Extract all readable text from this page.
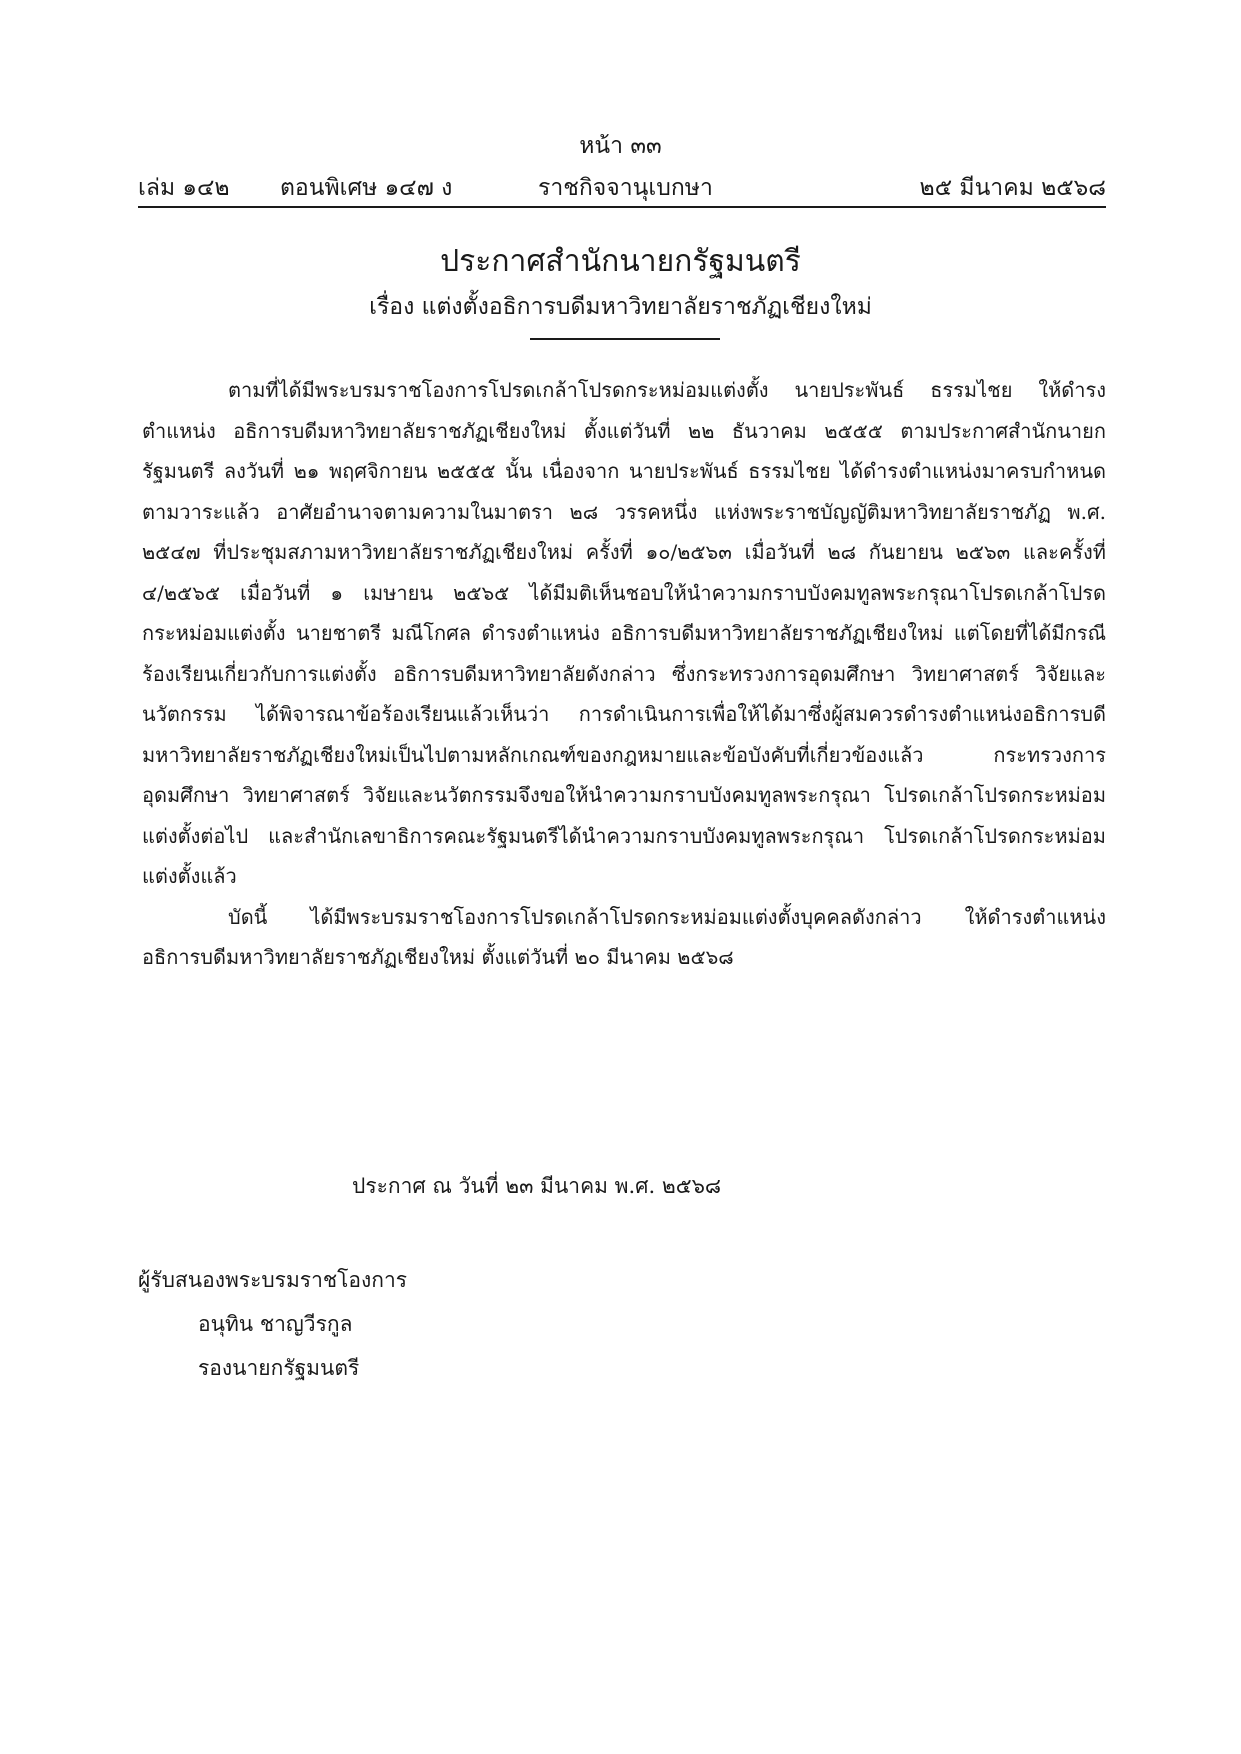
หน้า ๓๓
เล่ม ๑๔๒ ตอนพิเศษ ๑๔๗ ง	ราชกิจจานุเบกษา	๒๕ มีนาคม ๒๕๖๘
ประกาศสำนักนายกรัฐมนตรี
เรื่อง แต่งตั้งอธิการบดีมหาวิทยาลัยราชภัฏเชียงใหม่

ตามที่ได้มีพระบรมราชโองการโปรดเกล้าโปรดกระหม่อมแต่งตั้ง นายประพันธ์ ธรรมไชย ให้ดำรงตำแหน่ง อธิการบดีมหาวิทยาลัยราชภัฏเชียงใหม่ ตั้งแต่วันที่ ๒๒ ธันวาคม ๒๕๕๕ ตามประกาศสำนักนายกรัฐมนตรี ลงวันที่ ๒๑ พฤศจิกายน ๒๕๕๕ นั้น เนื่องจาก นายประพันธ์ ธรรมไชย ได้ดำรงตำแหน่งมาครบกำหนดตามวาระแล้ว อาศัยอำนาจตามความในมาตรา ๒๘ วรรคหนึ่ง แห่งพระราชบัญญัติมหาวิทยาลัยราชภัฏ พ.ศ. ๒๕๔๗ ที่ประชุมสภามหาวิทยาลัยราชภัฏเชียงใหม่ ครั้งที่ ๑๐/๒๕๖๓ เมื่อวันที่ ๒๘ กันยายน ๒๕๖๓ และครั้งที่ ๔/๒๕๖๕ เมื่อวันที่ ๑ เมษายน ๒๕๖๕ ได้มีมติเห็นชอบให้นำความกราบบังคมทูลพระกรุณาโปรดเกล้าโปรดกระหม่อมแต่งตั้ง นายชาตรี มณีโกศล ดำรงตำแหน่ง อธิการบดีมหาวิทยาลัยราชภัฏเชียงใหม่ แต่โดยที่ได้มีกรณีร้องเรียนเกี่ยวกับการแต่งตั้ง อธิการบดีมหาวิทยาลัยดังกล่าว ซึ่งกระทรวงการอุดมศึกษา วิทยาศาสตร์ วิจัยและนวัตกรรม ได้พิจารณาข้อร้องเรียนแล้วเห็นว่า การดำเนินการเพื่อให้ได้มาซึ่งผู้สมควรดำรงตำแหน่งอธิการบดี มหาวิทยาลัยราชภัฏเชียงใหม่เป็นไปตามหลักเกณฑ์ของกฎหมายและข้อบังคับที่เกี่ยวข้องแล้ว กระทรวงการอุดมศึกษา วิทยาศาสตร์ วิจัยและนวัตกรรมจึงขอให้นำความกราบบังคมทูลพระกรุณา โปรดเกล้าโปรดกระหม่อมแต่งตั้งต่อไป และสำนักเลขาธิการคณะรัฐมนตรีได้นำความกราบบังคมทูลพระกรุณา โปรดเกล้าโปรดกระหม่อมแต่งตั้งแล้ว

บัดนี้ ได้มีพระบรมราชโองการโปรดเกล้าโปรดกระหม่อมแต่งตั้งบุคคลดังกล่าว ให้ดำรงตำแหน่ง อธิการบดีมหาวิทยาลัยราชภัฏเชียงใหม่ ตั้งแต่วันที่ ๒๐ มีนาคม ๒๕๖๘

ประกาศ ณ วันที่ ๒๓ มีนาคม พ.ศ. ๒๕๖๘
ผู้รับสนองพระบรมราชโองการ
อนุทิน ชาญวีรกูล
รองนายกรัฐมนตรี
